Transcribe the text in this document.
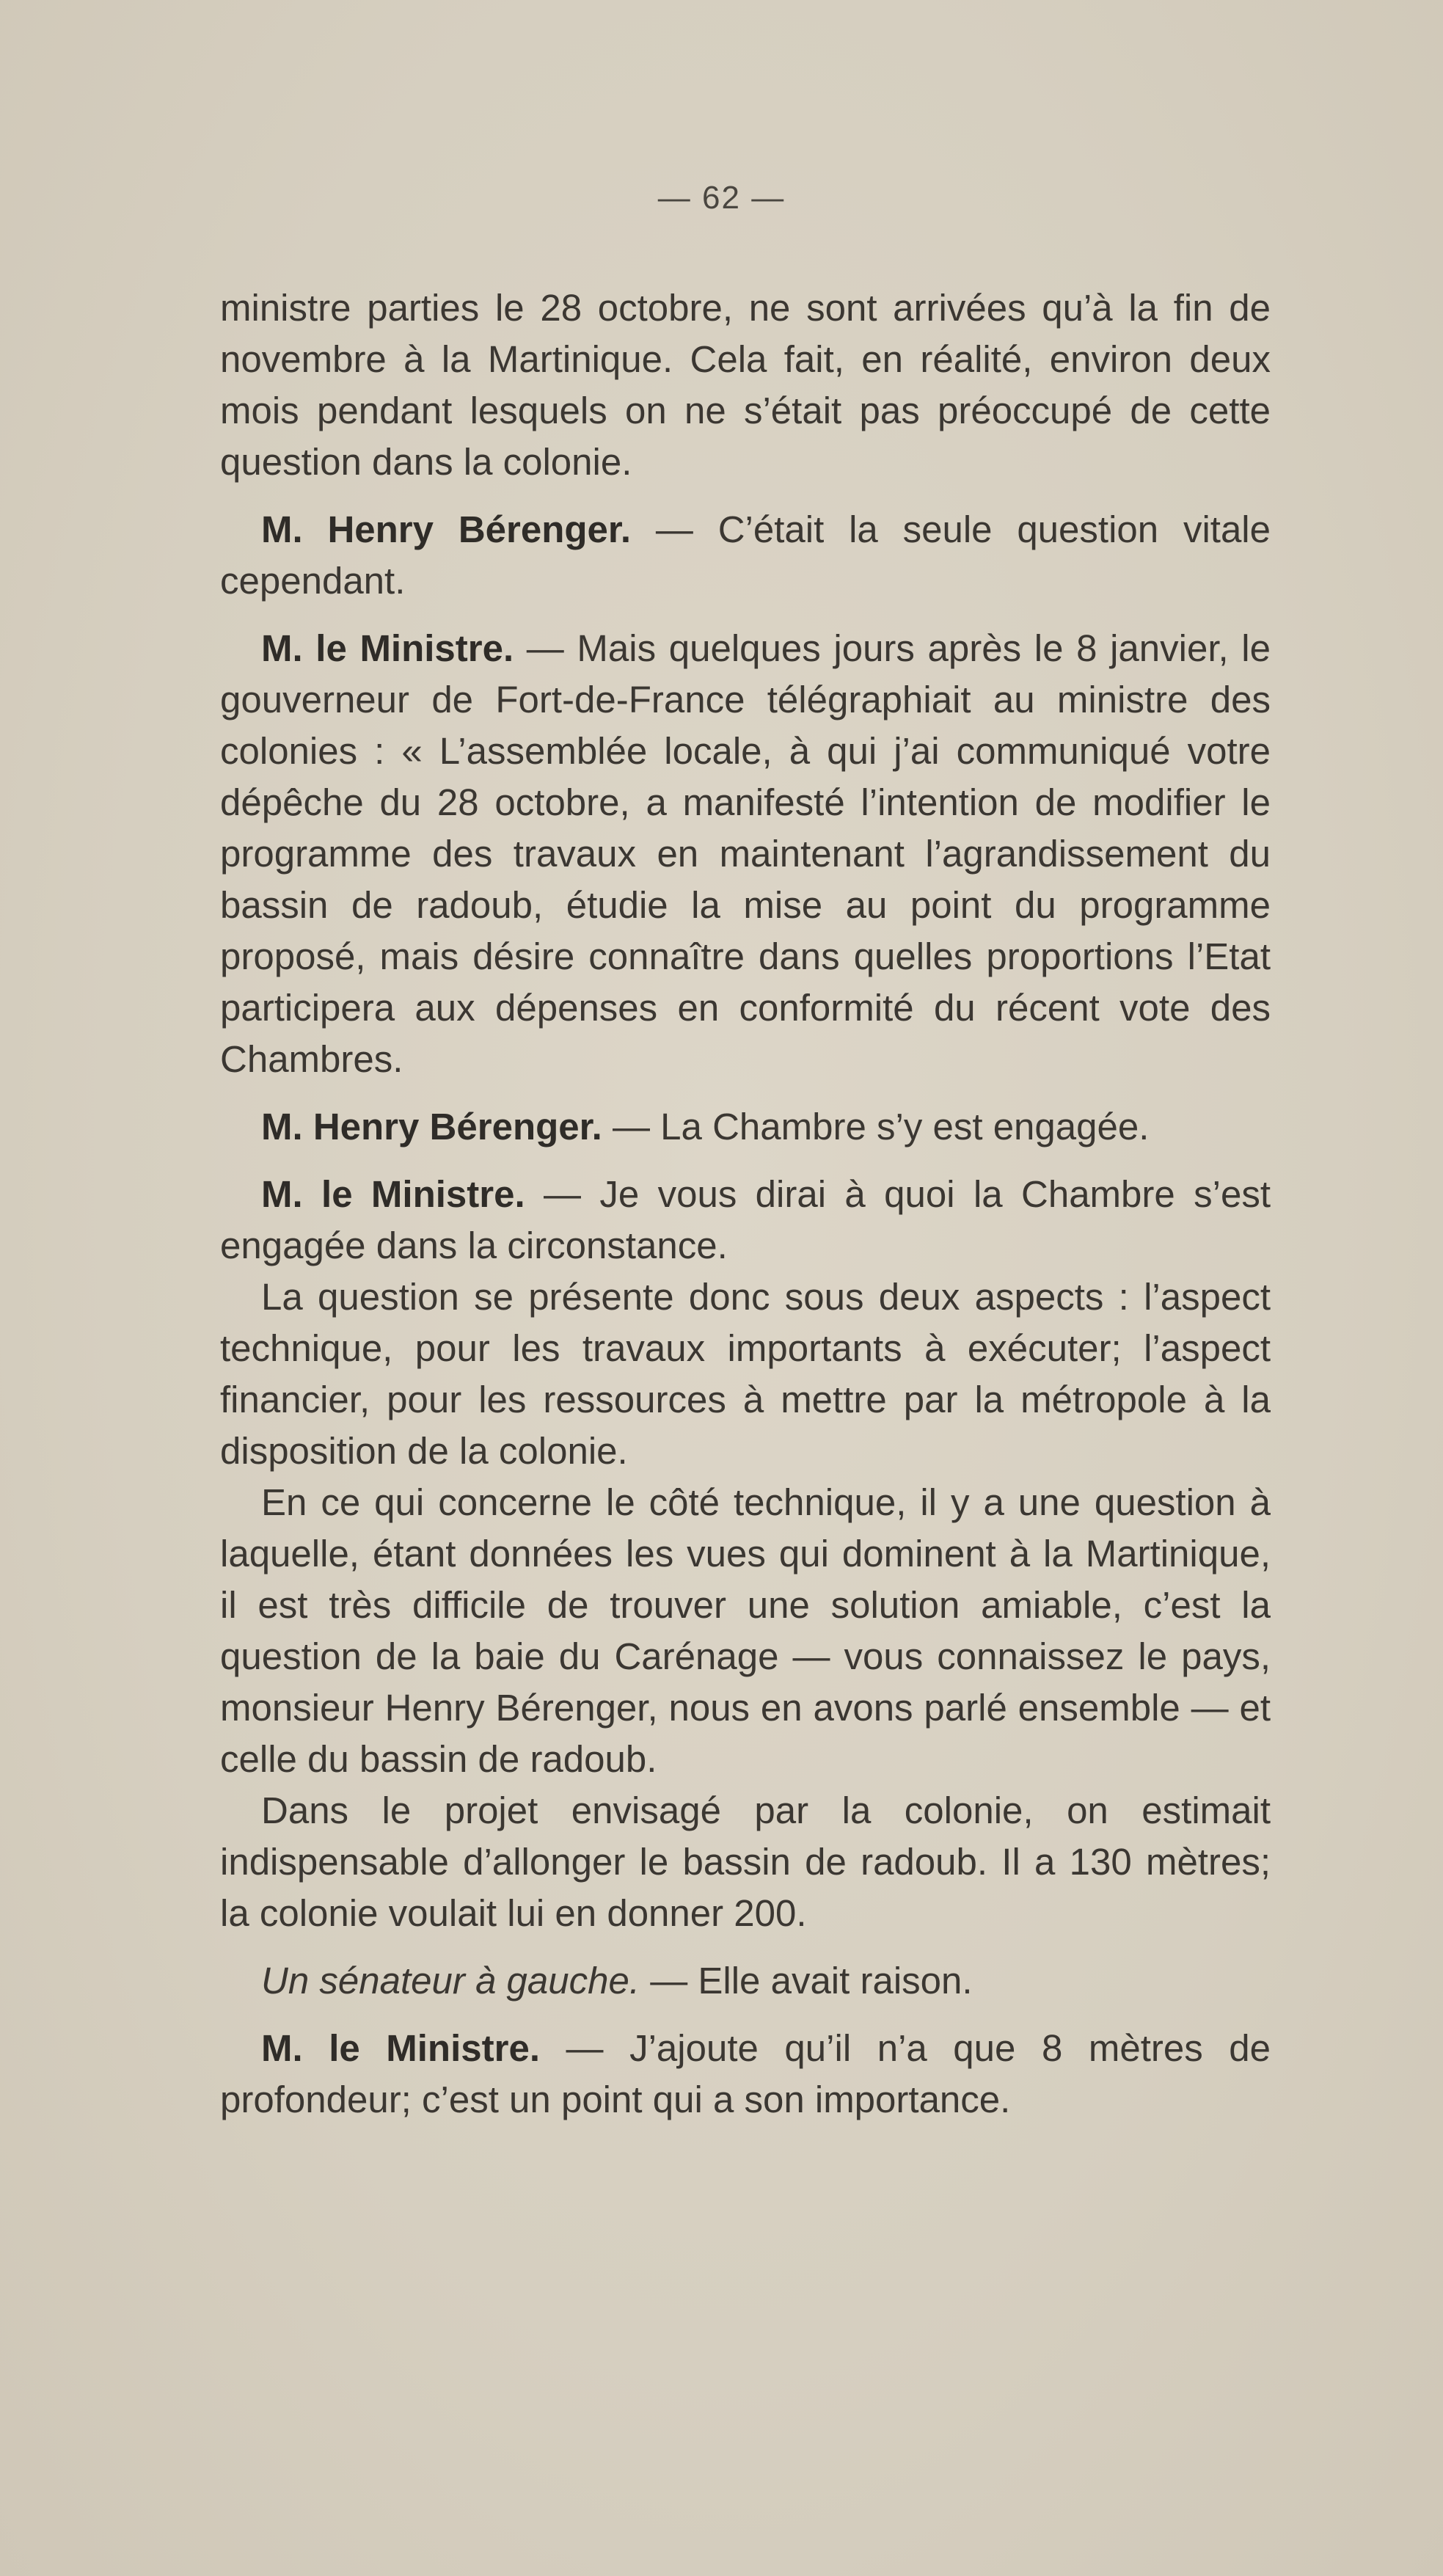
— 62 —

ministre parties le 28 octobre, ne sont arrivées qu’à la fin de novembre à la Martinique. Cela fait, en réalité, environ deux mois pendant lesquels on ne s’était pas préoccupé de cette question dans la colonie.

M. Henry Bérenger. — C’était la seule question vitale cependant.

M. le Ministre. — Mais quelques jours après le 8 janvier, le gouverneur de Fort-de-France télégraphiait au ministre des colonies : « L’assemblée locale, à qui j’ai communiqué votre dépêche du 28 octobre, a manifesté l’intention de modifier le programme des travaux en maintenant l’agrandissement du bassin de radoub, étudie la mise au point du programme proposé, mais désire connaître dans quelles proportions l’Etat participera aux dépenses en conformité du récent vote des Chambres.

M. Henry Bérenger. — La Chambre s’y est engagée.

M. le Ministre. — Je vous dirai à quoi la Chambre s’est engagée dans la circonstance.

La question se présente donc sous deux aspects : l’aspect technique, pour les travaux importants à exécuter; l’aspect financier, pour les ressources à mettre par la métropole à la disposition de la colonie.

En ce qui concerne le côté technique, il y a une question à laquelle, étant données les vues qui dominent à la Martinique, il est très difficile de trouver une solution amiable, c’est la question de la baie du Carénage — vous connaissez le pays, monsieur Henry Bérenger, nous en avons parlé ensemble — et celle du bassin de radoub.

Dans le projet envisagé par la colonie, on estimait indispensable d’allonger le bassin de radoub. Il a 130 mètres; la colonie voulait lui en donner 200.

Un sénateur à gauche. — Elle avait raison.

M. le Ministre. — J’ajoute qu’il n’a que 8 mètres de profondeur; c’est un point qui a son importance.
